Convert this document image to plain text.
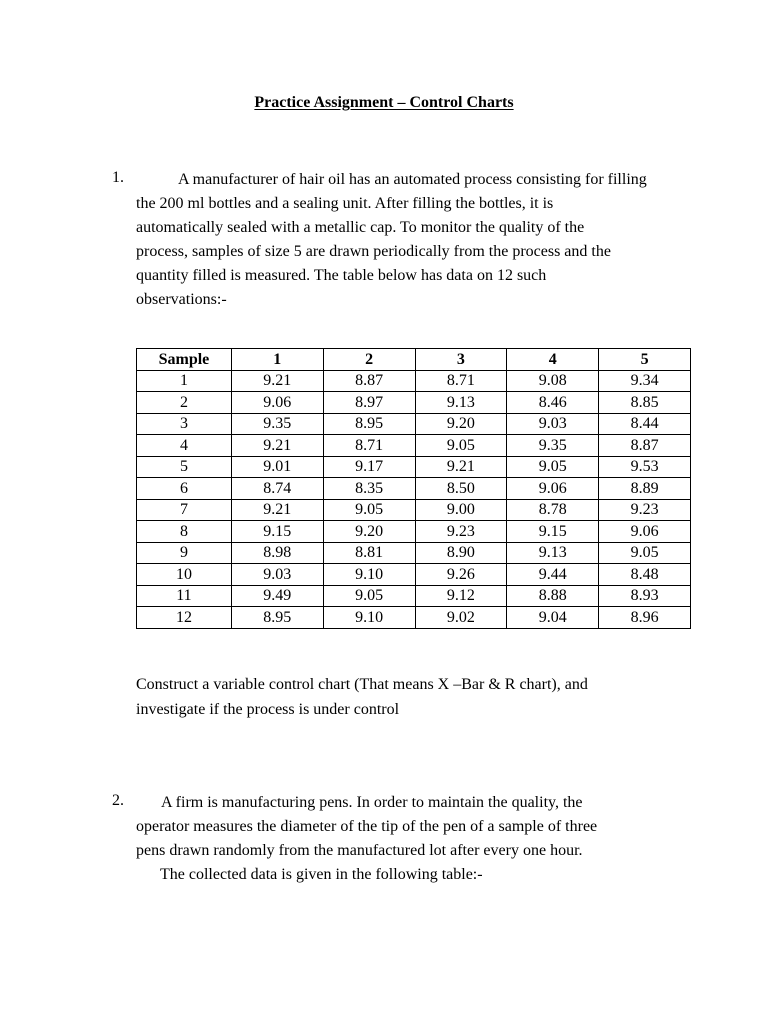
Practice Assignment – Control Charts
1.	A manufacturer of hair oil has an automated process consisting for filling
the 200 ml bottles and a sealing unit. After filling the bottles, it is
automatically sealed with a metallic cap. To monitor the quality of the
process, samples of size 5 are drawn periodically from the process and the
quantity filled is measured. The table below has data on 12 such
observations:-
Sample	1	2	3	4	5
1	9.21	8.87	8.71	9.08	9.34
2	9.06	8.97	9.13	8.46	8.85
3	9.35	8.95	9.20	9.03	8.44
4	9.21	8.71	9.05	9.35	8.87
5	9.01	9.17	9.21	9.05	9.53
6	8.74	8.35	8.50	9.06	8.89
7	9.21	9.05	9.00	8.78	9.23
8	9.15	9.20	9.23	9.15	9.06
9	8.98	8.81	8.90	9.13	9.05
10	9.03	9.10	9.26	9.44	8.48
11	9.49	9.05	9.12	8.88	8.93
12	8.95	9.10	9.02	9.04	8.96
Construct a variable control chart (That means X –Bar & R chart), and
investigate if the process is under control
2.	A firm is manufacturing pens. In order to maintain the quality, the
operator measures the diameter of the tip of the pen of a sample of three
pens drawn randomly from the manufactured lot after every one hour.
The collected data is given in the following table:-
